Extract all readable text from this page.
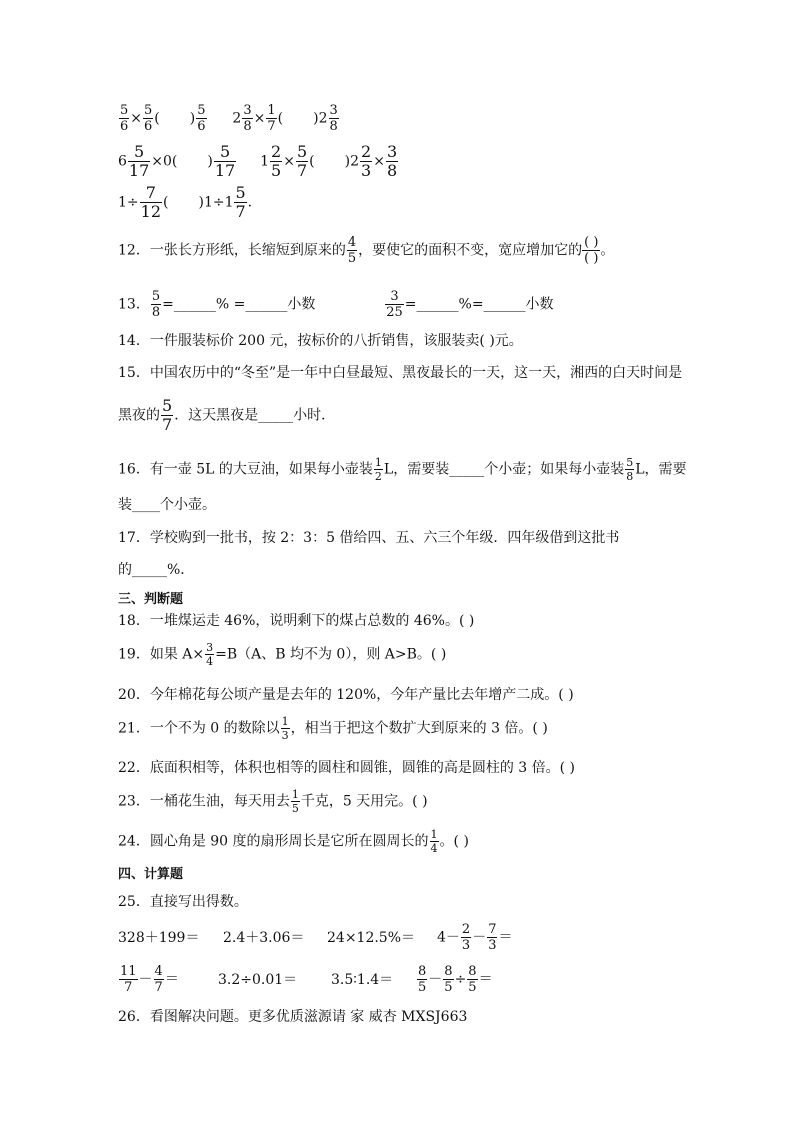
$\frac{5}{6} \times \frac{5}{6}$ ( ) $\frac{5}{6} 2 \frac{3}{8} \times \frac{1}{7}$ ( )$2 \frac{3}{8}$
$6 \frac{5}{17} \times 0$( ) $\frac{5}{17} 1 \frac{2}{5} \times \frac{5}{7}$ ( )$2 \frac{2}{3} \times \frac{3}{8}$
$1\div \frac{7}{12}$ ( )$1\div 1 \frac{5}{7}$ .
12．一张长方形纸，长缩短到原来的 $\frac{4}{5}$ ，要使它的面积不变，宽应增加它的 ( )
( ) 。
13． $\frac{5}{8}$ =______% =______小数	$\frac{3}{25}$ =______%=______小数
14．一件服装标价 200 元，按标价的八折销售，该服装卖( )元。
15．中国农历中的“冬至”是一年中白昼最短、黑夜最长的一天，这一天，湘西的白天时间是
黑夜的 $\frac{5}{7}$ ．这天黑夜是_____小时．
16．有一壶 5L 的大豆油，如果每小壶装 $\frac{1}{2}$ L，需要装_____个小壶；如果每小壶装 $\frac{5}{8}$ L，需要
装____个小壶。
17．学校购到一批书，按 2：3：5 借给四、五、六三个年级．四年级借到这批书
的_____%．
三、判断题
18．一堆煤运走 46%，说明剩下的煤占总数的 46%。( )
19．如果 $A\times \frac{3}{4} =B(A$、B 均不为 0），则 A>B。( )
20．今年棉花每公顷产量是去年的 120%，今年产量比去年增产二成。( )
21．一个不为 0 的数除以 $\frac{1}{3}$ ，相当于把这个数扩大到原来的 3 倍。( )
22．底面积相等，体积也相等的圆柱和圆锥，圆锥的高是圆柱的 3 倍。( )
23．一桶花生油，每天用去 $\frac{1}{5}$ 千克，5 天用完。( )
24．圆心角是 90 度的扇形周长是它所在圆周长的 $\frac{1}{4}$ 。( )
四、计算题
25．直接写出得数。
$328+199= 2.4+3.06= 24\times 12.5\%= 4- \frac{2}{3} - \frac{7}{3}$ ＝
$\frac{11}{7} - \frac{4}{7}$ ＝	3.2÷0.01＝ 3.5∶1.4＝ $\frac{8}{5} - \frac{8}{5} \div \frac{8}{5}$ ＝
26．看图解决问题。更多优质滋源请 家 威杏 MXSJ663
